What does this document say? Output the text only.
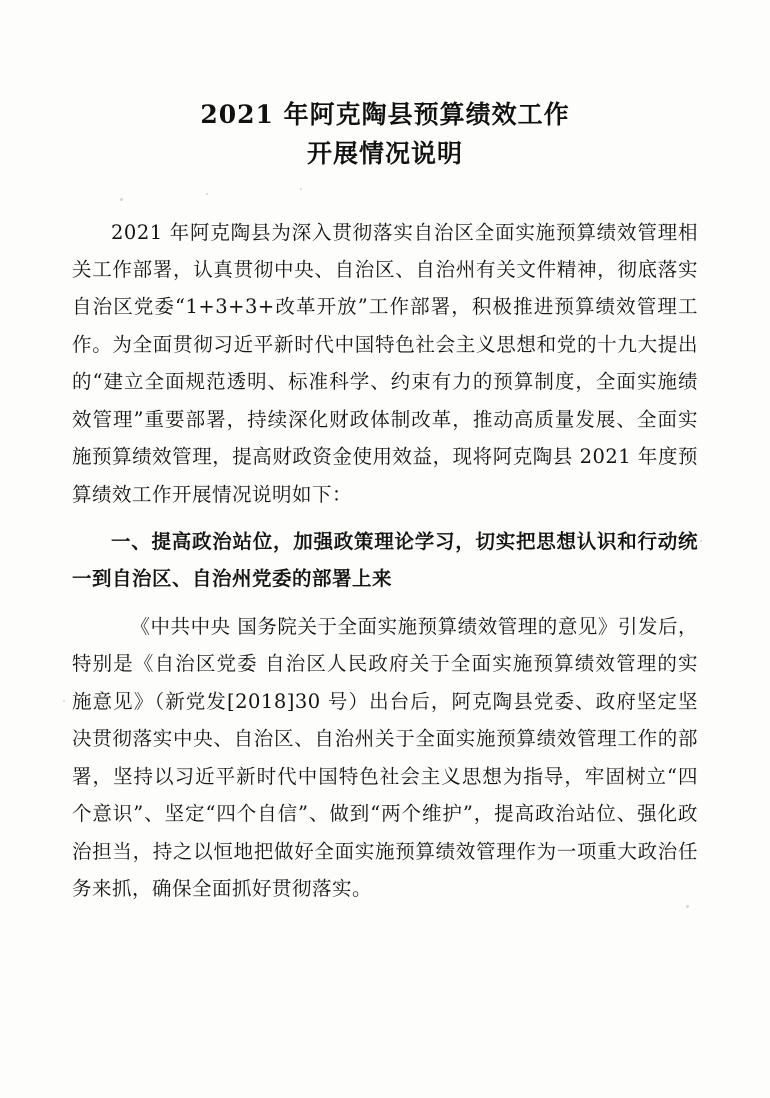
2021 年阿克陶县预算绩效工作
开展情况说明

2021 年阿克陶县为深入贯彻落实自治区全面实施预算绩效管理相关工作部署，认真贯彻中央、自治区、自治州有关文件精神，彻底落实自治区党委“1+3+3+改革开放”工作部署，积极推进预算绩效管理工作。为全面贯彻习近平新时代中国特色社会主义思想和党的十九大提出的“建立全面规范透明、标准科学、约束有力的预算制度，全面实施绩效管理”重要部署，持续深化财政体制改革，推动高质量发展、全面实施预算绩效管理，提高财政资金使用效益，现将阿克陶县 2021 年度预算绩效工作开展情况说明如下：

一、提高政治站位，加强政策理论学习，切实把思想认识和行动统一到自治区、自治州党委的部署上来

《中共中央 国务院关于全面实施预算绩效管理的意见》引发后，特别是《自治区党委 自治区人民政府关于全面实施预算绩效管理的实施意见》（新党发[2018]30 号）出台后，阿克陶县党委、政府坚定坚决贯彻落实中央、自治区、自治州关于全面实施预算绩效管理工作的部署，坚持以习近平新时代中国特色社会主义思想为指导，牢固树立“四个意识”、坚定“四个自信”、做到“两个维护”，提高政治站位、强化政治担当，持之以恒地把做好全面实施预算绩效管理作为一项重大政治任务来抓，确保全面抓好贯彻落实。
